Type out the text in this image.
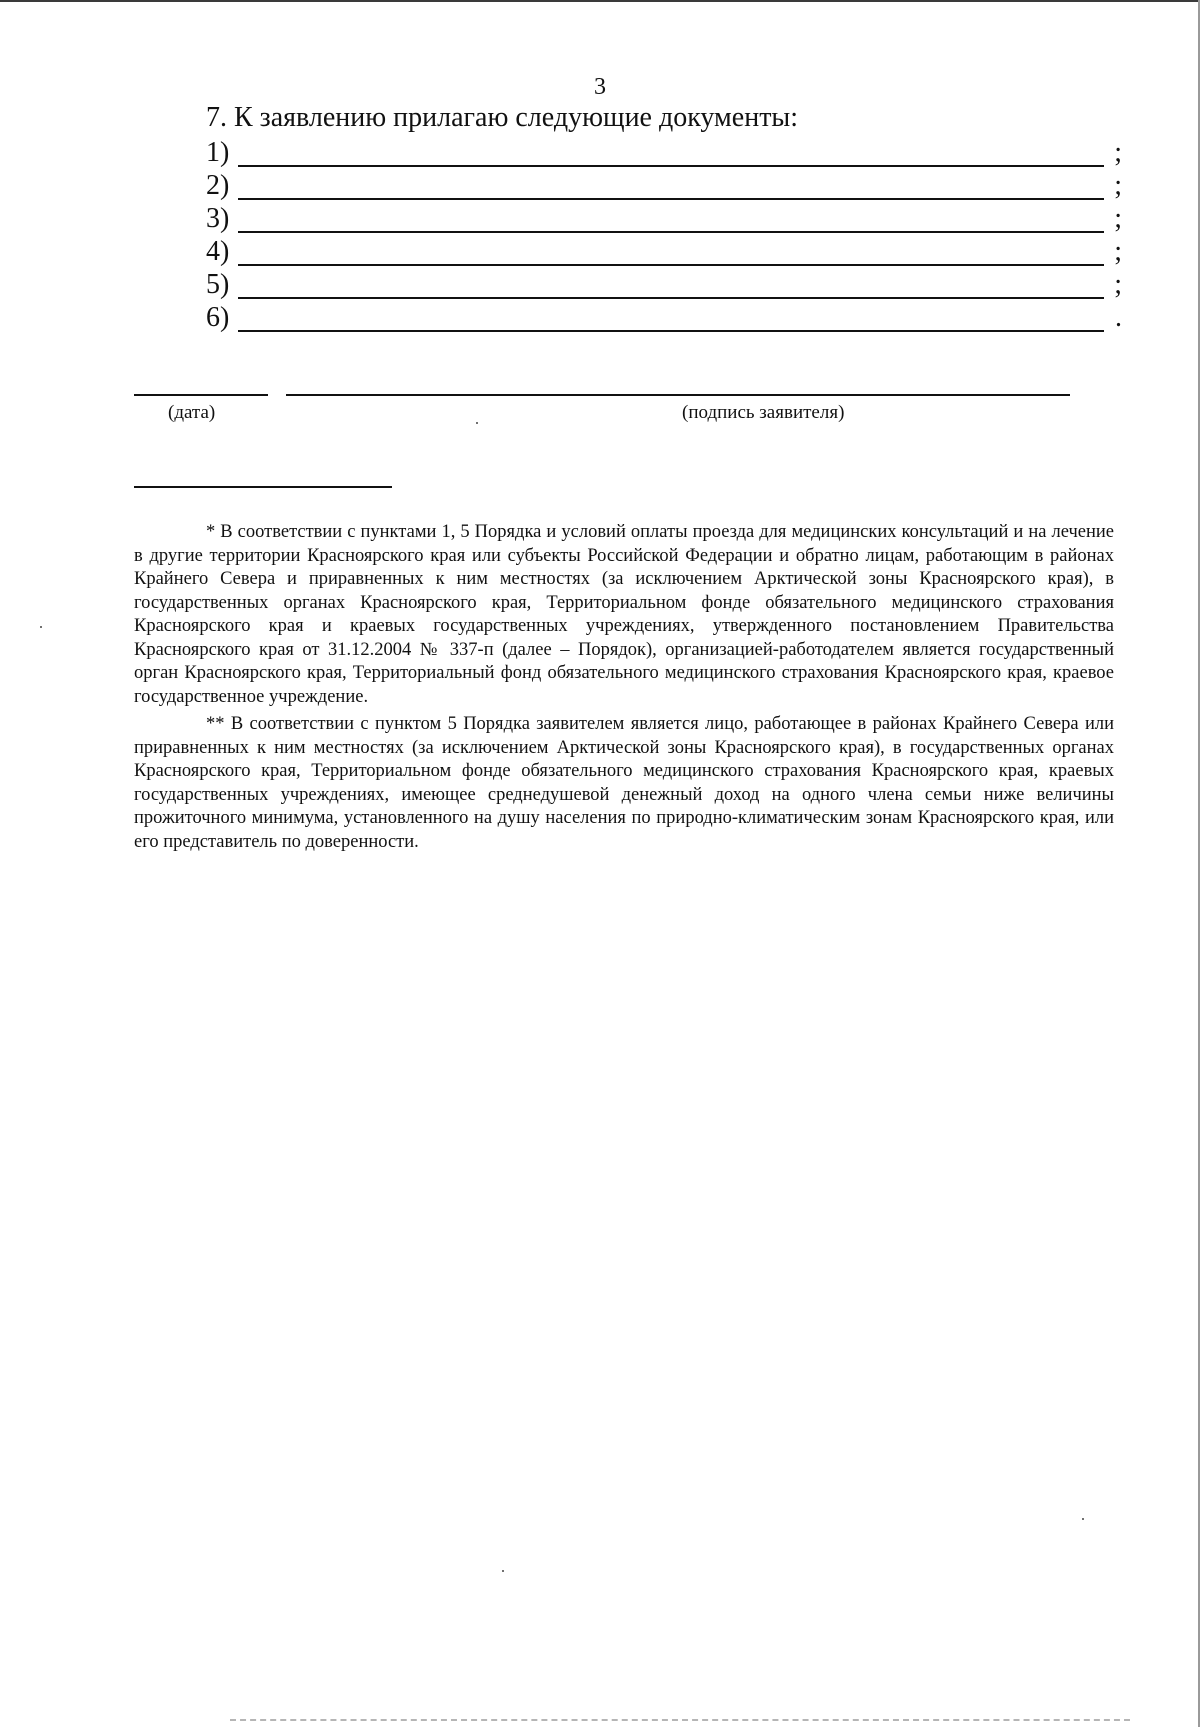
3
7. К заявлению прилагаю следующие документы:
1)	;
2)	;
3)	;
4)	;
5)	;
6)	.
(дата)	(подпись заявителя)

* В соответствии с пунктами 1, 5 Порядка и условий оплаты проезда для медицинских консультаций и на лечение в другие территории Красноярского края или субъекты Российской Федерации и обратно лицам, работающим в районах Крайнего Севера и приравненных к ним местностях (за исключением Арктической зоны Красноярского края), в государственных органах Красноярского края, Территориальном фонде обязательного медицинского страхования Красноярского края и краевых государственных учреждениях, утвержденного постановлением Правительства Красноярского края от 31.12.2004 № 337-п (далее – Порядок), организацией-работодателем является государственный орган Красноярского края, Территориальный фонд обязательного медицинского страхования Красноярского края, краевое государственное учреждение.

** В соответствии с пунктом 5 Порядка заявителем является лицо, работающее в районах Крайнего Севера или приравненных к ним местностях (за исключением Арктической зоны Красноярского края), в государственных органах Красноярского края, Территориальном фонде обязательного медицинского страхования Красноярского края, краевых государственных учреждениях, имеющее среднедушевой денежный доход на одного члена семьи ниже величины прожиточного минимума, установленного на душу населения по природно-климатическим зонам Красноярского края, или его представитель по доверенности.
